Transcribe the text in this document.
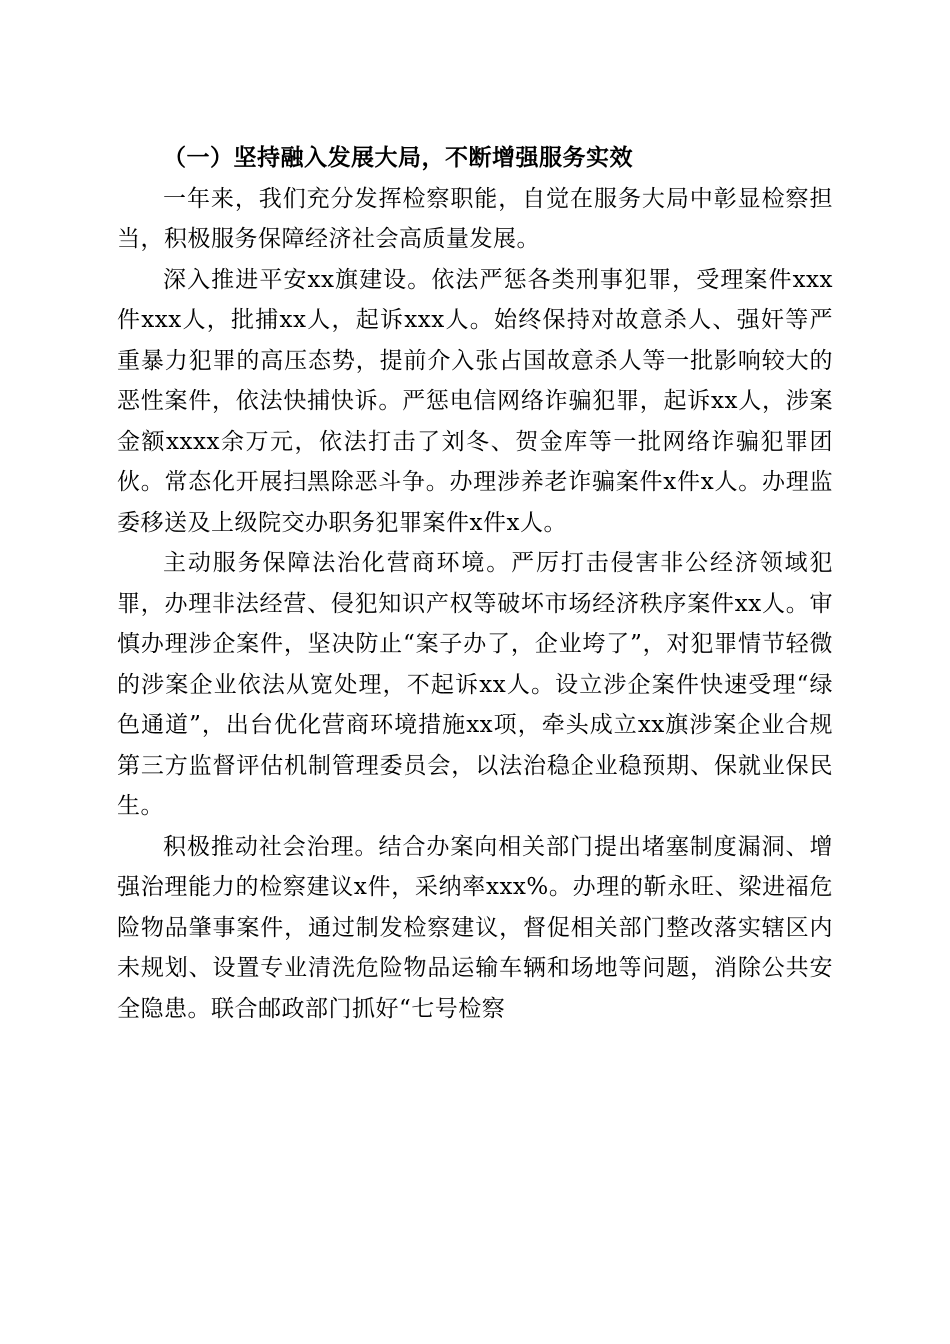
（一）坚持融入发展大局，不断增强服务实效

一年来，我们充分发挥检察职能，自觉在服务大局中彰显检察担当，积极服务保障经济社会高质量发展。

深入推进平安xx旗建设。依法严惩各类刑事犯罪，受理案件xxx件xxx人，批捕xx人，起诉xxx人。始终保持对故意杀人、强奸等严重暴力犯罪的高压态势，提前介入张占国故意杀人等一批影响较大的恶性案件，依法快捕快诉。严惩电信网络诈骗犯罪，起诉xx人，涉案金额xxxx余万元，依法打击了刘冬、贺金库等一批网络诈骗犯罪团伙。常态化开展扫黑除恶斗争。办理涉养老诈骗案件x件x人。办理监委移送及上级院交办职务犯罪案件x件x人。

主动服务保障法治化营商环境。严厉打击侵害非公经济领域犯罪，办理非法经营、侵犯知识产权等破坏市场经济秩序案件xx人。审慎办理涉企案件，坚决防止“案子办了，企业垮了”，对犯罪情节轻微的涉案企业依法从宽处理，不起诉xx人。设立涉企案件快速受理“绿色通道”，出台优化营商环境措施xx项，牵头成立xx旗涉案企业合规第三方监督评估机制管理委员会，以法治稳企业稳预期、保就业保民生。

积极推动社会治理。结合办案向相关部门提出堵塞制度漏洞、增强治理能力的检察建议x件，采纳率xxx%。办理的靳永旺、梁进福危险物品肇事案件，通过制发检察建议，督促相关部门整改落实辖区内未规划、设置专业清洗危险物品运输车辆和场地等问题，消除公共安全隐患。联合邮政部门抓好“七号检察
